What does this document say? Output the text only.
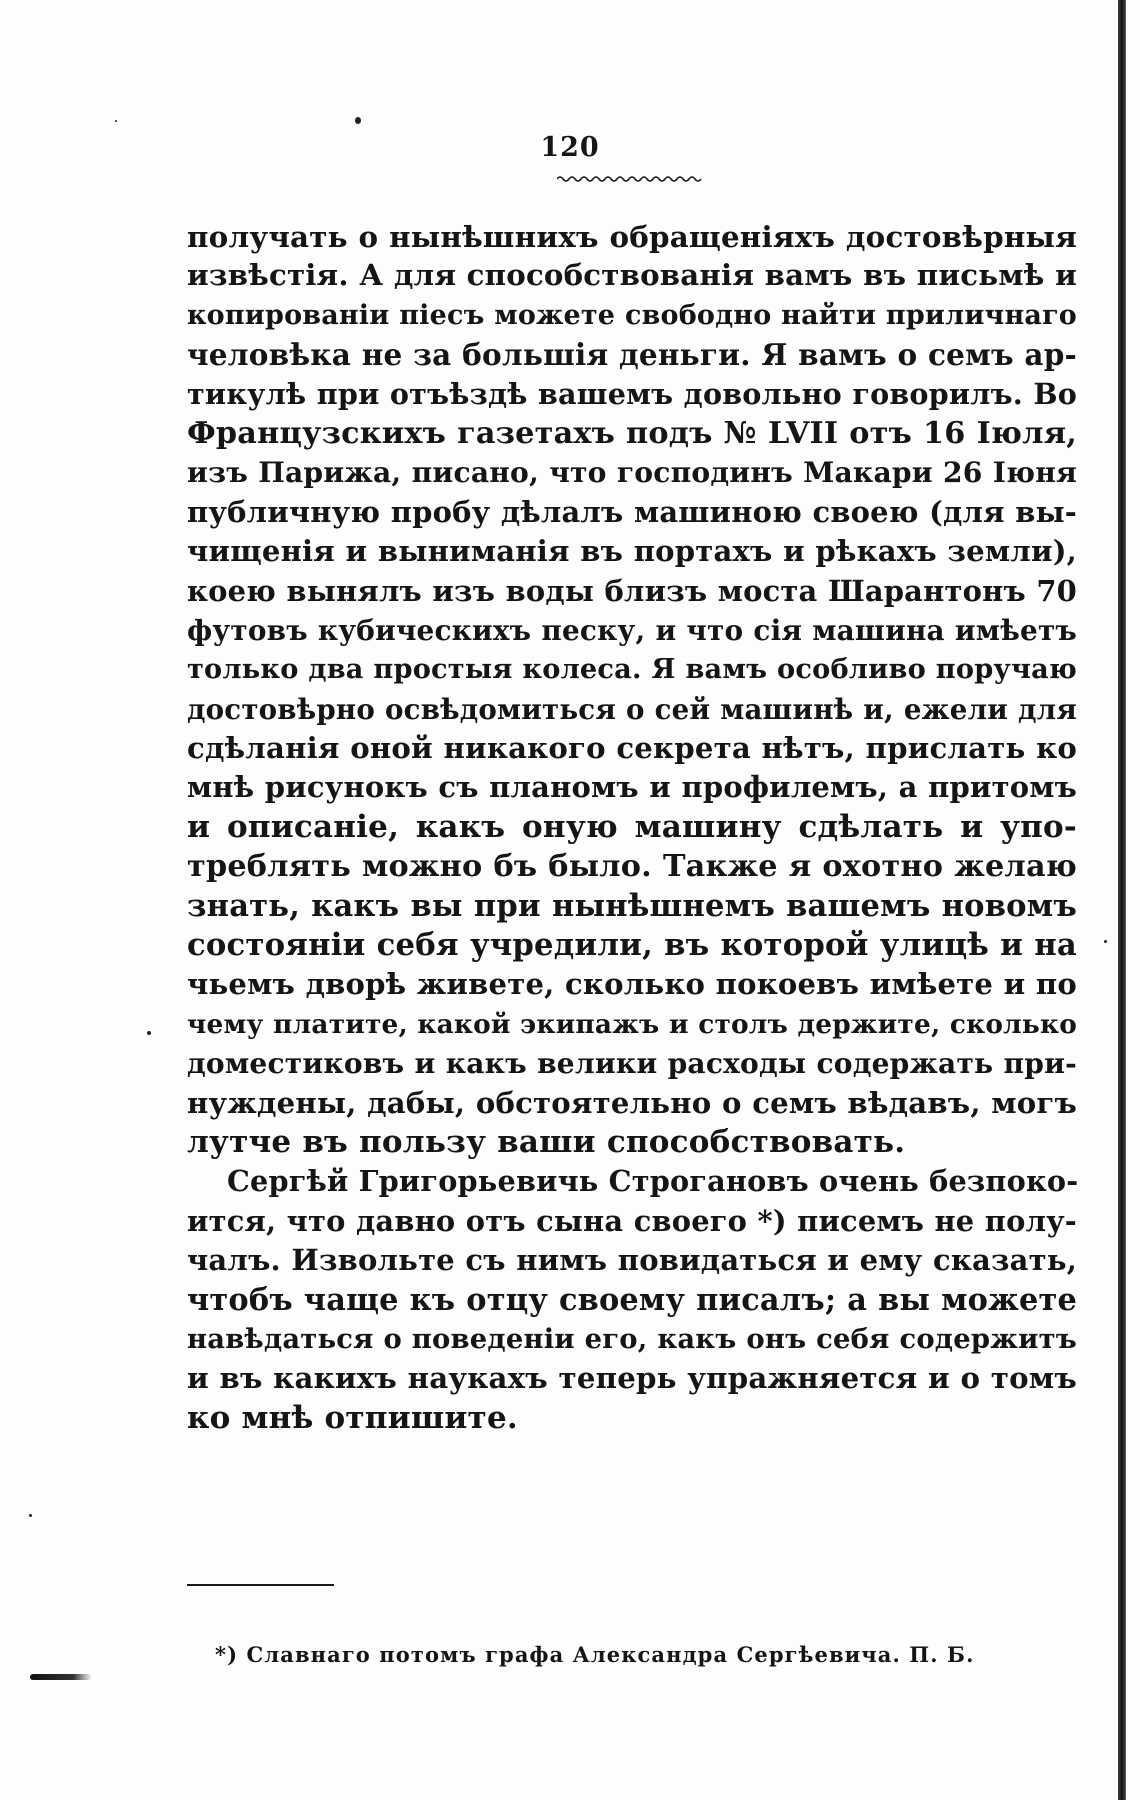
120
получать о нынѣшнихъ обращеніяхъ достовѣрныя
извѣстія. А для способствованія вамъ въ письмѣ и
копированіи піесъ можете свободно найти приличнаго
человѣка не за большія деньги. Я вамъ о семъ ар-
тикулѣ при отъѣздѣ вашемъ довольно говорилъ. Во
Французскихъ газетахъ подъ № LVII отъ 16 Іюля,
изъ Парижа, писано, что господинъ Макари 26 Іюня
публичную пробу дѣлалъ машиною своею (для вы-
чищенія и выниманія въ портахъ и рѣкахъ земли),
коею вынялъ изъ воды близъ моста Шарантонъ 70
футовъ кубическихъ песку, и что сія машина имѣетъ
только два простыя колеса. Я вамъ особливо поручаю
достовѣрно освѣдомиться о сей машинѣ и, ежели для
сдѣланія оной никакого секрета нѣтъ, прислать ко
мнѣ рисунокъ съ планомъ и профилемъ, а притомъ
и описаніе, какъ оную машину сдѣлать и упо-
треблять можно бъ было. Также я охотно желаю
знать, какъ вы при нынѣшнемъ вашемъ новомъ
состояніи себя учредили, въ которой улицѣ и на
чьемъ дворѣ живете, сколько покоевъ имѣете и по
чему платите, какой экипажъ и столъ держите, сколько
доместиковъ и какъ велики расходы содержать при-
нуждены, дабы, обстоятельно о семъ вѣдавъ, могъ
лутче въ пользу ваши способствовать.
Сергѣй Григорьевичь Строгановъ очень безпоко-
ится, что давно отъ сына своего *) писемъ не полу-
чалъ. Извольте съ нимъ повидаться и ему сказать,
чтобъ чаще къ отцу своему писалъ; а вы можете
навѣдаться о поведеніи его, какъ онъ себя содержитъ
и въ какихъ наукахъ теперь упражняется и о томъ
ко мнѣ отпишите.
*) Славнаго потомъ графа Александра Сергѣевича. П. Б.
